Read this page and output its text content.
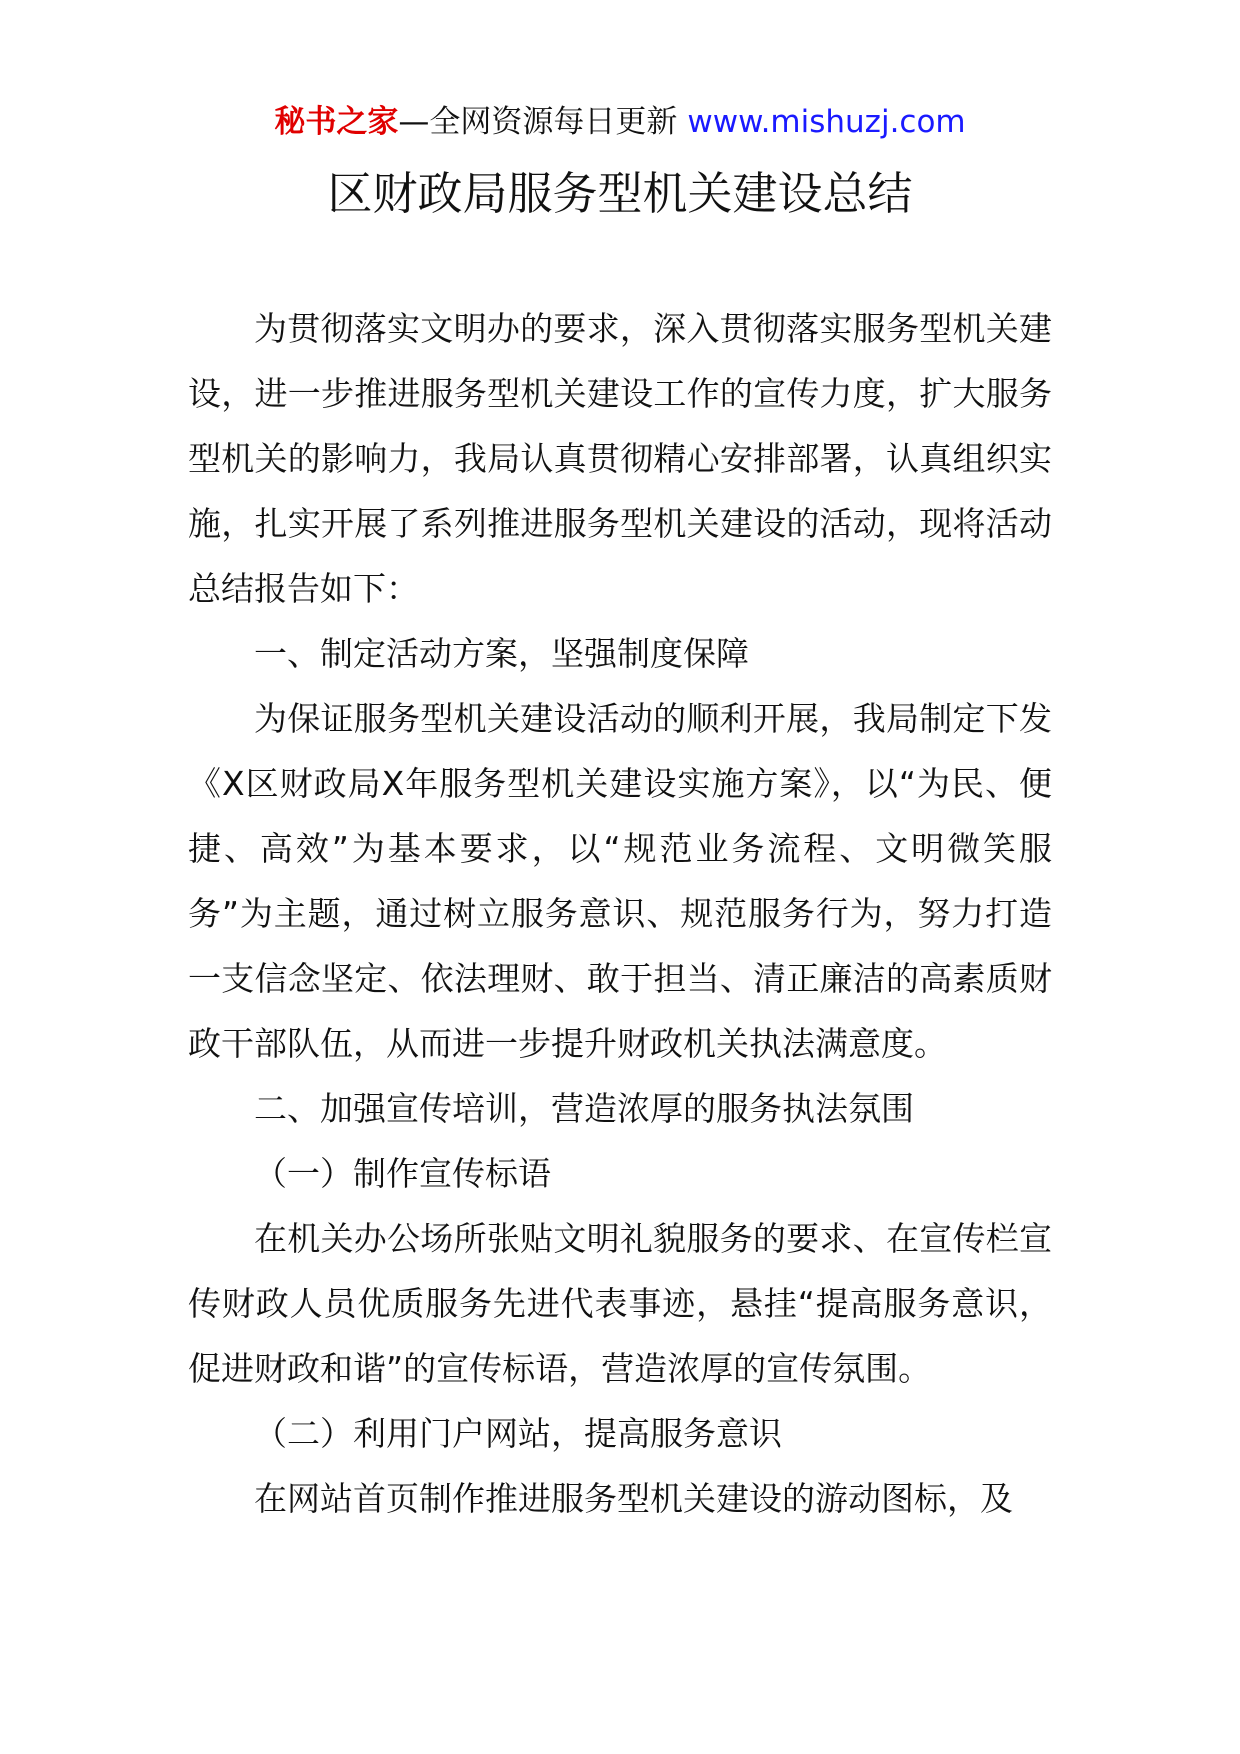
秘书之家—全网资源每日更新 www.mishuzj.com
区财政局服务型机关建设总结

为贯彻落实文明办的要求，深入贯彻落实服务型机关建设，进一步推进服务型机关建设工作的宣传力度，扩大服务型机关的影响力，我局认真贯彻精心安排部署，认真组织实施，扎实开展了系列推进服务型机关建设的活动，现将活动总结报告如下：

一、制定活动方案，坚强制度保障

为保证服务型机关建设活动的顺利开展，我局制定下发《X区财政局X年服务型机关建设实施方案》，以“为民、便捷、高效”为基本要求，以“规范业务流程、文明微笑服务”为主题，通过树立服务意识、规范服务行为，努力打造一支信念坚定、依法理财、敢于担当、清正廉洁的高素质财政干部队伍，从而进一步提升财政机关执法满意度。

二、加强宣传培训，营造浓厚的服务执法氛围

（一）制作宣传标语

在机关办公场所张贴文明礼貌服务的要求、在宣传栏宣传财政人员优质服务先进代表事迹，悬挂“提高服务意识，促进财政和谐”的宣传标语，营造浓厚的宣传氛围。

（二）利用门户网站，提高服务意识

在网站首页制作推进服务型机关建设的游动图标，及
